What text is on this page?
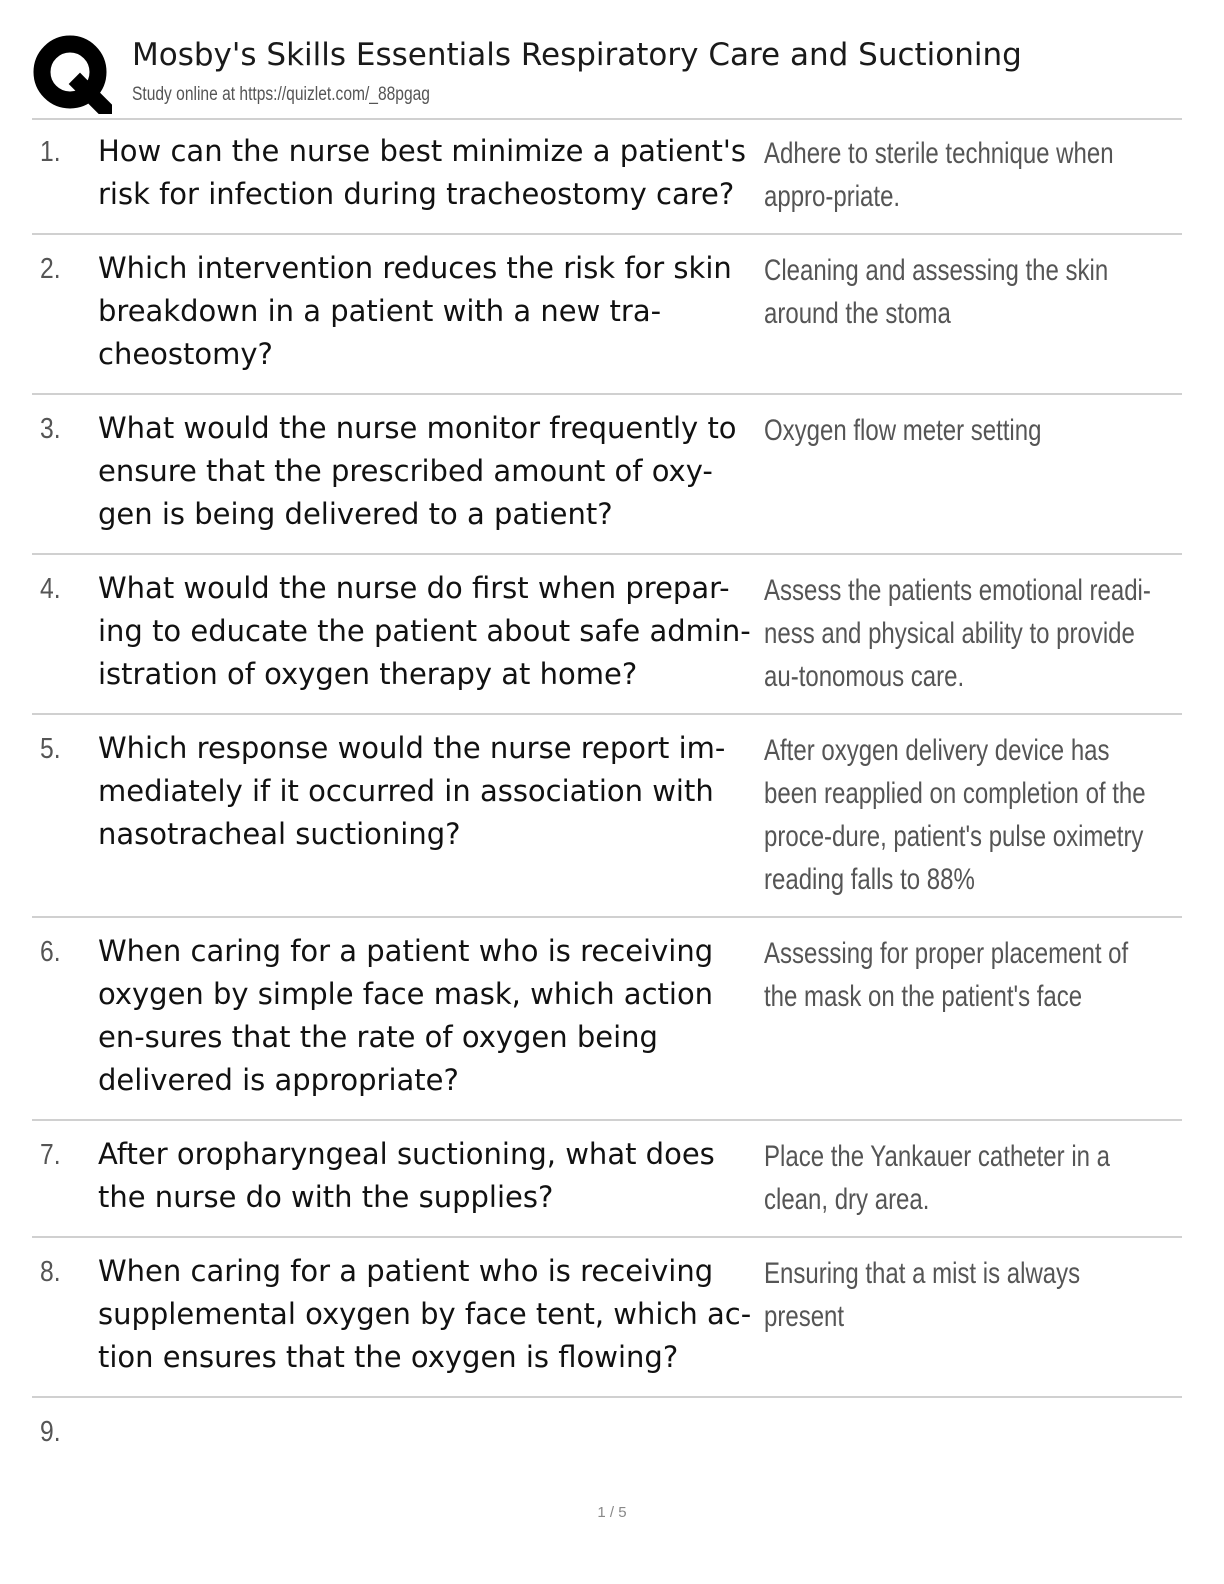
Mosby's Skills Essentials Respiratory Care and Suctioning
Study online at https://quizlet.com/_88pgag
1. How can the nurse best minimize a patient's risk for infection during tracheostomy care?
Adhere to sterile technique when appro-priate.
2. Which intervention reduces the risk for skin breakdown in a patient with a new tra-cheostomy?
Cleaning and assessing the skin around the stoma
3. What would the nurse monitor frequently to ensure that the prescribed amount of oxy-gen is being delivered to a patient?
Oxygen flow meter setting
4. What would the nurse do first when prepar-ing to educate the patient about safe admin-istration of oxygen therapy at home?
Assess the patients emotional readi-ness and physical ability to provide au-tonomous care.
5. Which response would the nurse report im-mediately if it occurred in association with nasotracheal suctioning?
After oxygen delivery device has been reapplied on completion of the proce-dure, patient's pulse oximetry reading falls to 88%
6. When caring for a patient who is receiving oxygen by simple face mask, which action en-sures that the rate of oxygen being delivered is appropriate?
Assessing for proper placement of the mask on the patient's face
7. After oropharyngeal suctioning, what does the nurse do with the supplies?
Place the Yankauer catheter in a clean, dry area.
8. When caring for a patient who is receiving supplemental oxygen by face tent, which ac-tion ensures that the oxygen is flowing?
Ensuring that a mist is always present
9.
1 / 5
